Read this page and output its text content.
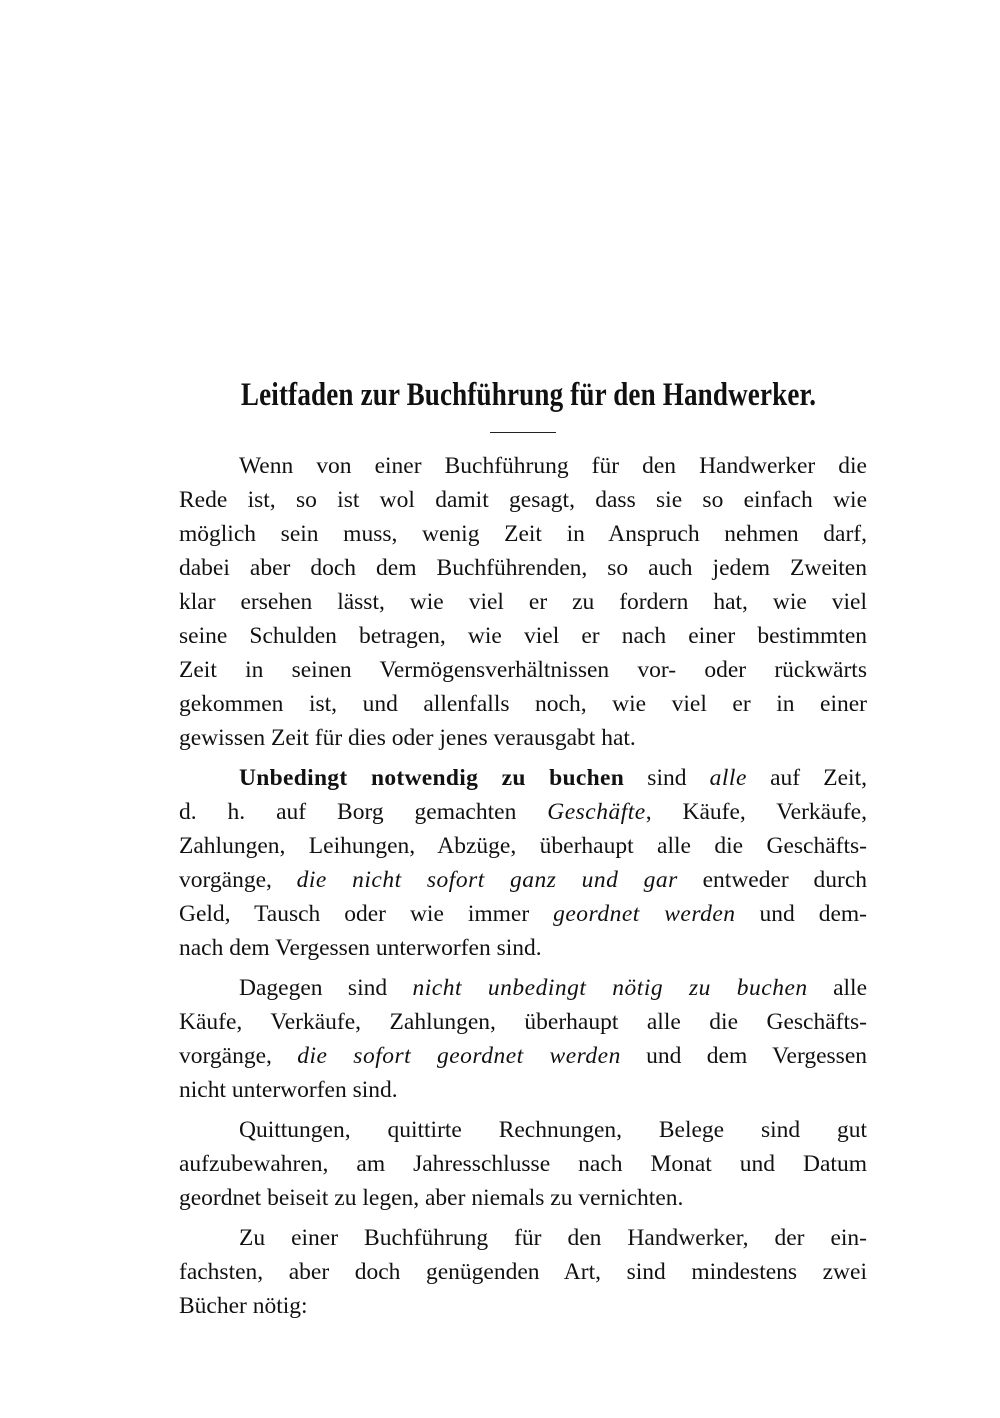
Leitfaden zur Buchführung für den Handwerker.

Wenn von einer Buchführung für den Handwerker die
Rede ist, so ist wol damit gesagt, dass sie so einfach wie
möglich sein muss, wenig Zeit in Anspruch nehmen darf,
dabei aber doch dem Buchführenden, so auch jedem Zweiten
klar ersehen lässt, wie viel er zu fordern hat, wie viel
seine Schulden betragen, wie viel er nach einer bestimmten
Zeit in seinen Vermögensverhältnissen vor- oder rückwärts
gekommen ist, und allenfalls noch, wie viel er in einer
gewissen Zeit für dies oder jenes verausgabt hat.

Unbedingt notwendig zu buchen sind alle auf Zeit,
d. h. auf Borg gemachten Geschäfte, Käufe, Verkäufe,
Zahlungen, Leihungen, Abzüge, überhaupt alle die Geschäfts-
vorgänge, die nicht sofort ganz und gar entweder durch
Geld, Tausch oder wie immer geordnet werden und dem-
nach dem Vergessen unterworfen sind.

Dagegen sind nicht unbedingt nötig zu buchen alle
Käufe, Verkäufe, Zahlungen, überhaupt alle die Geschäfts-
vorgänge, die sofort geordnet werden und dem Vergessen
nicht unterworfen sind.

Quittungen, quittirte Rechnungen, Belege sind gut
aufzubewahren, am Jahresschlusse nach Monat und Datum
geordnet beiseit zu legen, aber niemals zu vernichten.

Zu einer Buchführung für den Handwerker, der ein-
fachsten, aber doch genügenden Art, sind mindestens zwei
Bücher nötig:
